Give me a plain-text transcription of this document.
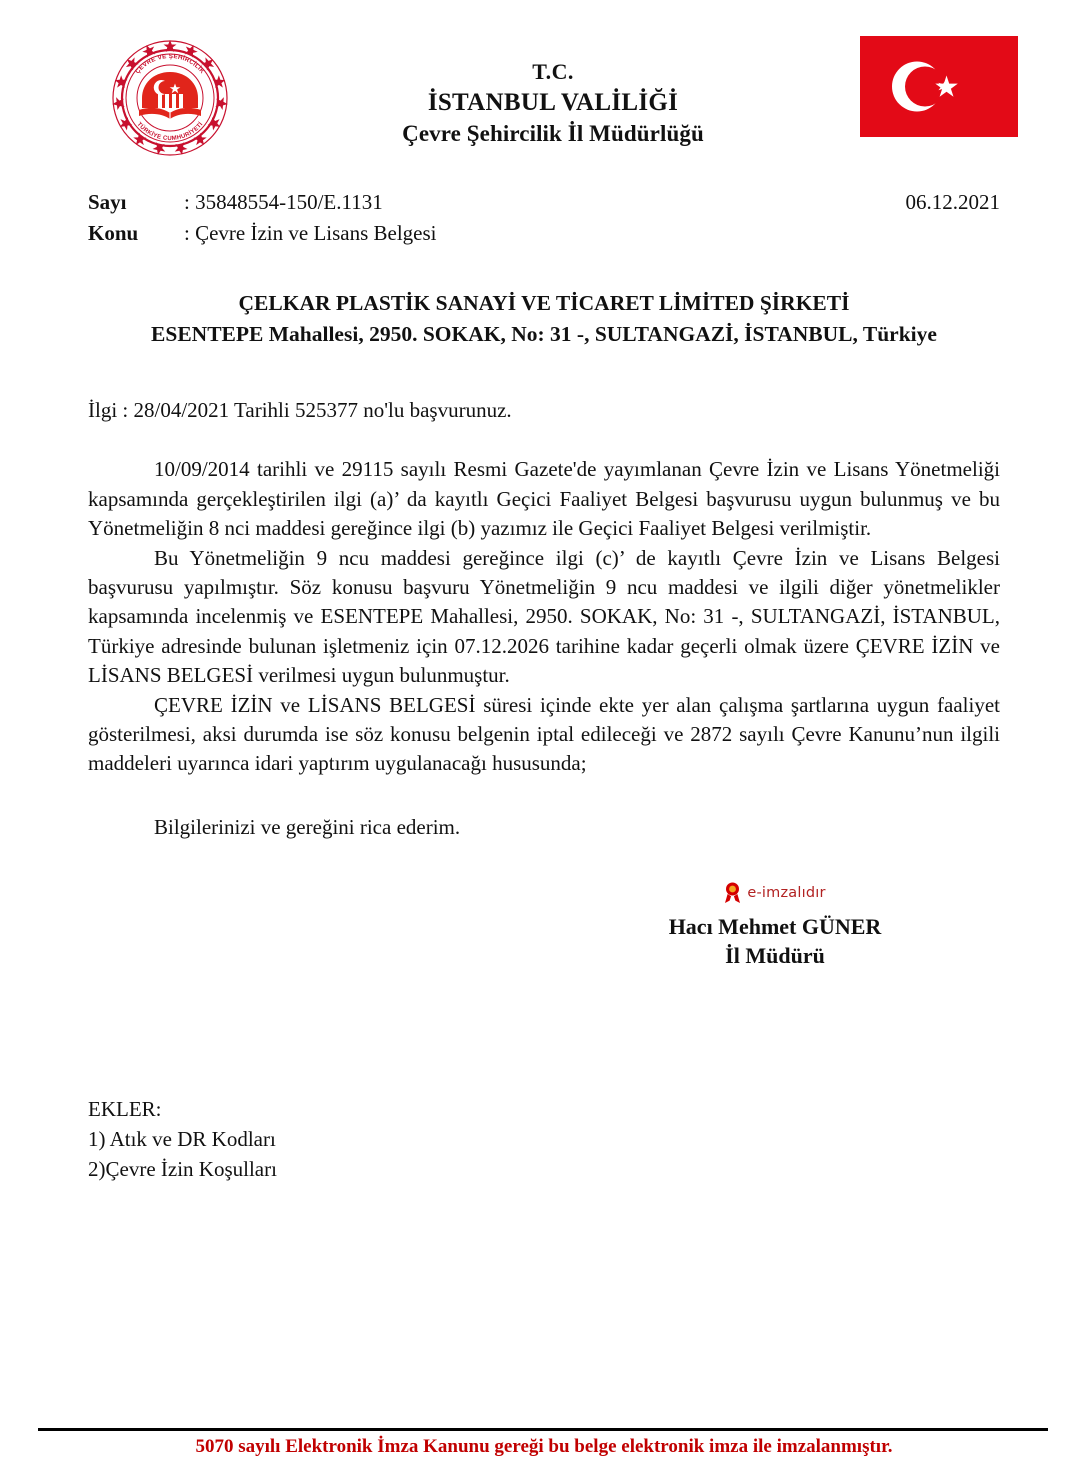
ÇEVRE VE ŞEHİRCİLİK
TÜRKİYE CUMHURİYETİ
T.C.
İSTANBUL VALİLİĞİ
Çevre Şehircilik İl Müdürlüğü
Sayı	: 35848554-150/E.1131	06.12.2021
Konu : Çevre İzin ve Lisans Belgesi
ÇELKAR PLASTİK SANAYİ VE TİCARET LİMİTED ŞİRKETİ
ESENTEPE Mahallesi, 2950. SOKAK, No: 31 -, SULTANGAZİ, İSTANBUL, Türkiye

İlgi : 28/04/2021 Tarihli 525377 no'lu başvurunuz.

10/09/2014 tarihli ve 29115 sayılı Resmi Gazete'de yayımlanan Çevre İzin ve Lisans Yönetmeliği kapsamında gerçekleştirilen ilgi (a)’ da kayıtlı Geçici Faaliyet Belgesi başvurusu uygun bulunmuş ve bu Yönetmeliğin 8 nci maddesi gereğince ilgi (b) yazımız ile Geçici Faaliyet Belgesi verilmiştir.

Bu Yönetmeliğin 9 ncu maddesi gereğince ilgi (c)’ de kayıtlı Çevre İzin ve Lisans Belgesi başvurusu yapılmıştır. Söz konusu başvuru Yönetmeliğin 9 ncu maddesi ve ilgili diğer yönetmelikler kapsamında incelenmiş ve ESENTEPE Mahallesi, 2950. SOKAK, No: 31 -, SULTANGAZİ, İSTANBUL, Türkiye adresinde bulunan işletmeniz için 07.12.2026 tarihine kadar geçerli olmak üzere ÇEVRE İZİN ve LİSANS BELGESİ verilmesi uygun bulunmuştur.

ÇEVRE İZİN ve LİSANS BELGESİ süresi içinde ekte yer alan çalışma şartlarına uygun faaliyet gösterilmesi, aksi durumda ise söz konusu belgenin iptal edileceği ve 2872 sayılı Çevre Kanunu’nun ilgili maddeleri uyarınca idari yaptırım uygulanacağı hususunda;

Bilgilerinizi ve gereğini rica ederim.

e-imzalıdır
Hacı Mehmet GÜNER
İl Müdürü
EKLER:
1) Atık ve DR Kodları
2)Çevre İzin Koşulları
5070 sayılı Elektronik İmza Kanunu gereği bu belge elektronik imza ile imzalanmıştır.
